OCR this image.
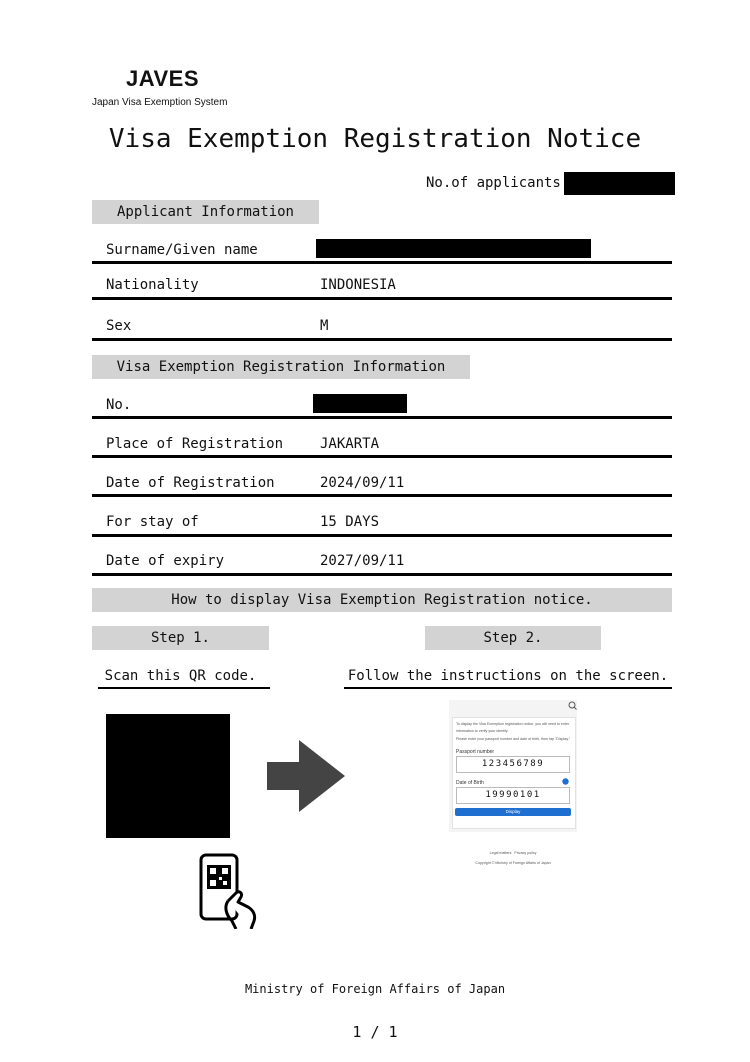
JAVES
Japan Visa Exemption System
Visa Exemption Registration Notice
No.of applicants
Applicant Information
Surname/Given name
Nationality	INDONESIA
Sex	M
Visa Exemption Registration Information
No.
Place of Registration	JAKARTA
Date of Registration	2024/09/11
For stay of	15 DAYS
Date of expiry	2027/09/11
How to display Visa Exemption Registration notice.
Step 1.	Step 2.
Scan this QR code.	Follow the instructions on the screen.
To display the Visa Exemption registration notice, you will need to enter
information to verify your identity.
Please enter your passport number and date of birth, then tap "Display."
Passport number
123456789
Date of Birth
19990101
Display
Legal matters   Privacy policy
Copyright © Ministry of Foreign Affairs of Japan
Ministry of Foreign Affairs of Japan
1 / 1
